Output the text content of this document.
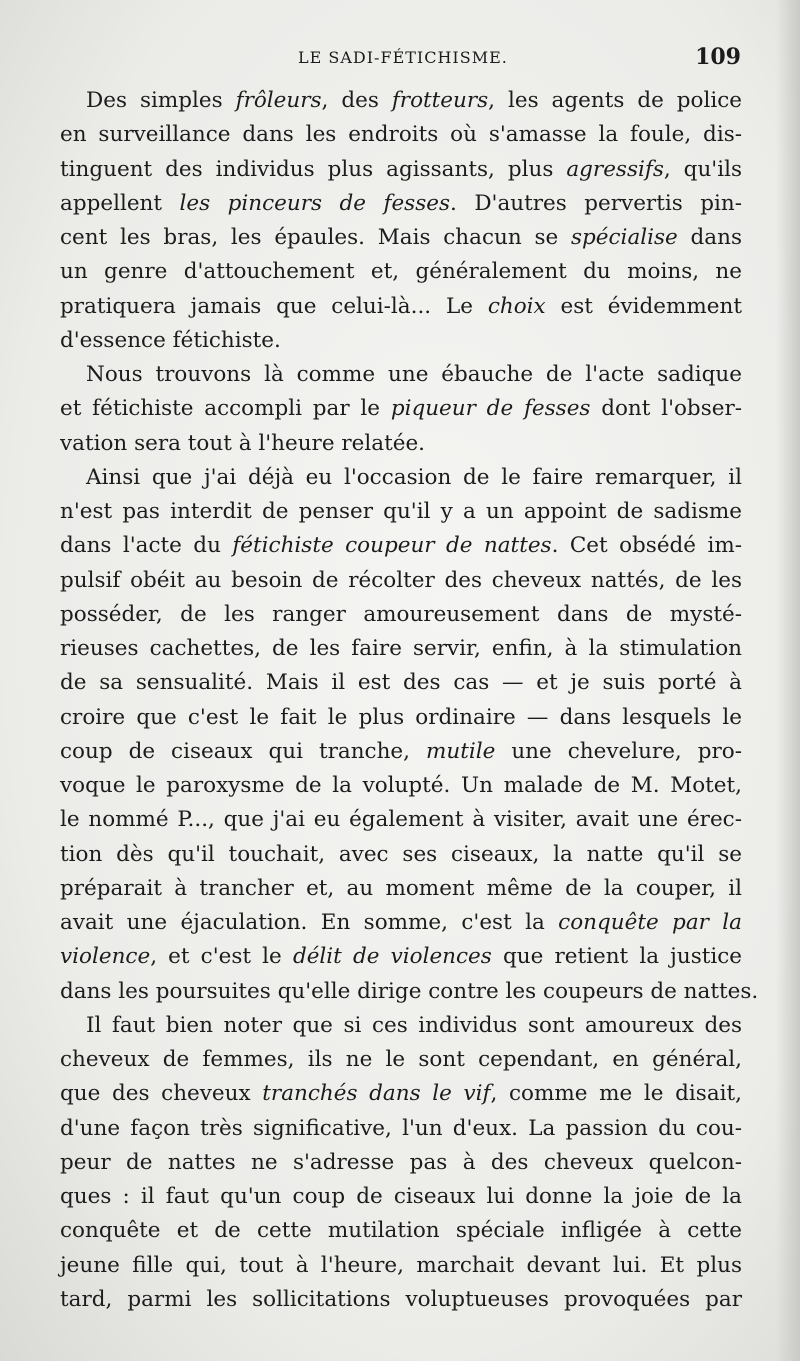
LE SADI-FÉTICHISME.	109
Des simples frôleurs, des frotteurs, les agents de police
en surveillance dans les endroits où s'amasse la foule, dis-
tinguent des individus plus agissants, plus agressifs, qu'ils
appellent les pinceurs de fesses. D'autres pervertis pin-
cent les bras, les épaules. Mais chacun se spécialise dans
un genre d'attouchement et, généralement du moins, ne
pratiquera jamais que celui-là... Le choix est évidemment
d'essence fétichiste.
Nous trouvons là comme une ébauche de l'acte sadique
et fétichiste accompli par le piqueur de fesses dont l'obser-
vation sera tout à l'heure relatée.
Ainsi que j'ai déjà eu l'occasion de le faire remarquer, il
n'est pas interdit de penser qu'il y a un appoint de sadisme
dans l'acte du fétichiste coupeur de nattes. Cet obsédé im-
pulsif obéit au besoin de récolter des cheveux nattés, de les
posséder, de les ranger amoureusement dans de mysté-
rieuses cachettes, de les faire servir, enfin, à la stimulation
de sa sensualité. Mais il est des cas — et je suis porté à
croire que c'est le fait le plus ordinaire — dans lesquels le
coup de ciseaux qui tranche, mutile une chevelure, pro-
voque le paroxysme de la volupté. Un malade de M. Motet,
le nommé P..., que j'ai eu également à visiter, avait une érec-
tion dès qu'il touchait, avec ses ciseaux, la natte qu'il se
préparait à trancher et, au moment même de la couper, il
avait une éjaculation. En somme, c'est la conquête par la
violence, et c'est le délit de violences que retient la justice
dans les poursuites qu'elle dirige contre les coupeurs de nattes.
Il faut bien noter que si ces individus sont amoureux des
cheveux de femmes, ils ne le sont cependant, en général,
que des cheveux tranchés dans le vif, comme me le disait,
d'une façon très significative, l'un d'eux. La passion du cou-
peur de nattes ne s'adresse pas à des cheveux quelcon-
ques : il faut qu'un coup de ciseaux lui donne la joie de la
conquête et de cette mutilation spéciale infligée à cette
jeune fille qui, tout à l'heure, marchait devant lui. Et plus
tard, parmi les sollicitations voluptueuses provoquées par
